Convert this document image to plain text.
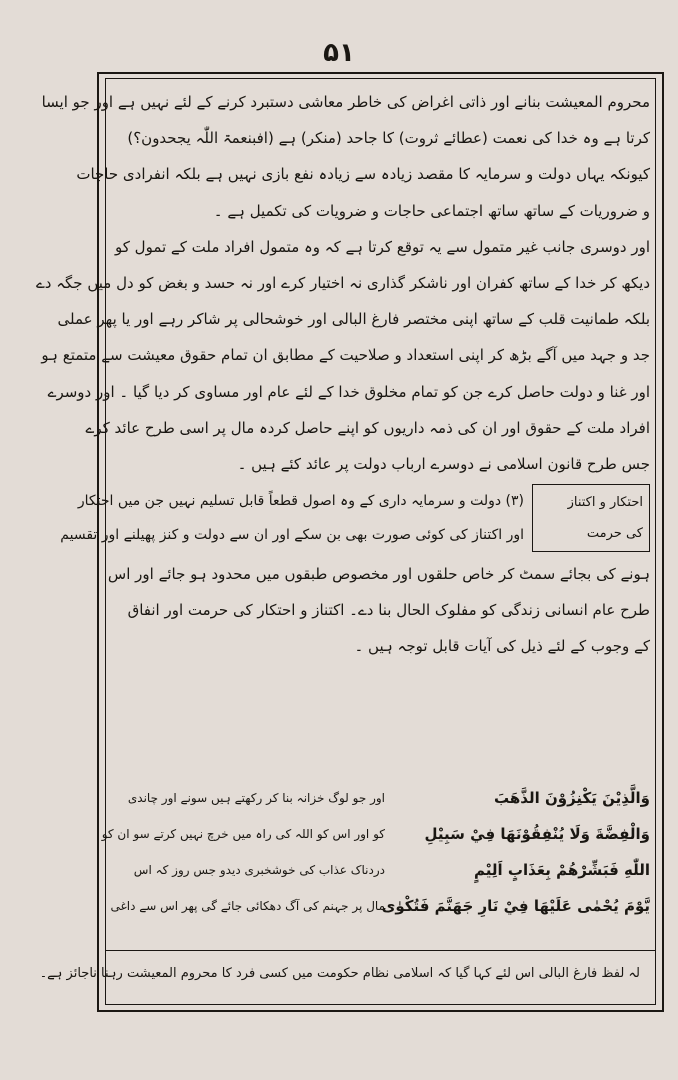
۵۱
محروم المعیشت بنانے اور ذاتی اغراض کی خاطر معاشی دستبرد کرنے کے لئے نہیں ہے اور جو ایسا
کرتا ہے وہ خدا کی نعمت (عطائے ثروت) کا جاحد (منکر) ہے (افبنعمۃ اللّٰہ یجحدون؟)
کیونکہ یہاں دولت و سرمایہ کا مقصد زیادہ سے زیادہ نفع بازی نہیں ہے بلکہ انفرادی حاجات
و ضروریات کے ساتھ ساتھ اجتماعی حاجات و ضرویات کی تکمیل ہے ۔
اور دوسری جانب غیر متمول سے یہ توقع کرتا ہے کہ وہ متمول افراد ملت کے تمول کو
دیکھ کر خدا کے ساتھ کفران اور ناشکر گذاری نہ اختیار کرے اور نہ حسد و بغض کو دل میں جگہ دے
بلکہ طمانیت قلب کے ساتھ اپنی مختصر فارغ البالی اور خوشحالی پر شاکر رہے اور یا پھر عملی
جد و جہد میں آگے بڑھ کر اپنی استعداد و صلاحیت کے مطابق ان تمام حقوق معیشت سے متمتع ہو
اور غنا و دولت حاصل کرے جن کو تمام مخلوق خدا کے لئے عام اور مساوی کر دیا گیا ۔ اور دوسرے
افراد ملت کے حقوق اور ان کی ذمہ داریوں کو اپنے حاصل کردہ مال پر اسی طرح عائد کرے
جس طرح قانون اسلامی نے دوسرے ارباب دولت پر عائد کئے ہیں ۔
احتکار و اکتناز
کی حرمت
(۳) دولت و سرمایہ داری کے وہ اصول قطعاً قابل تسلیم نہیں جن میں احتکار
اور اکتناز کی کوئی صورت بھی بن سکے اور ان سے دولت و کنز پھیلنے اور تقسیم
ہونے کی بجائے سمٹ کر خاص حلقوں اور مخصوص طبقوں میں محدود ہو جائے اور اس
طرح عام انسانی زندگی کو مفلوک الحال بنا دے۔ اکتناز و احتکار کی حرمت اور انفاق
کے وجوب کے لئے ذیل کی آیات قابل توجہ ہیں ۔
وَالَّذِيْنَ يَكْنِزُوْنَ الذَّهَبَ
اور جو لوگ خزانہ بنا کر رکھتے ہیں سونے اور چاندی
وَالْفِضَّةَ وَلَا يُنْفِقُوْنَهَا فِيْ سَبِيْلِ
کو اور اس کو اللہ کی راہ میں خرچ نہیں کرتے سو ان کو
اللّٰهِ فَبَشِّرْهُمْ بِعَذَابٍ اَلِيْمٍ
دردناک عذاب کی خوشخبری دیدو جس روز کہ اس
يَّوْمَ يُحْمٰى عَلَيْهَا فِيْ نَارِ جَهَنَّمَ فَتُكْوٰى
مال پر جہنم کی آگ دھکائی جائے گی پھر اس سے داغی
لہ لفظ فارغ البالی اس لئے کہا گیا کہ اسلامی نظام حکومت میں کسی فرد کا محروم المعیشت رہنا ناجائز ہے۔
